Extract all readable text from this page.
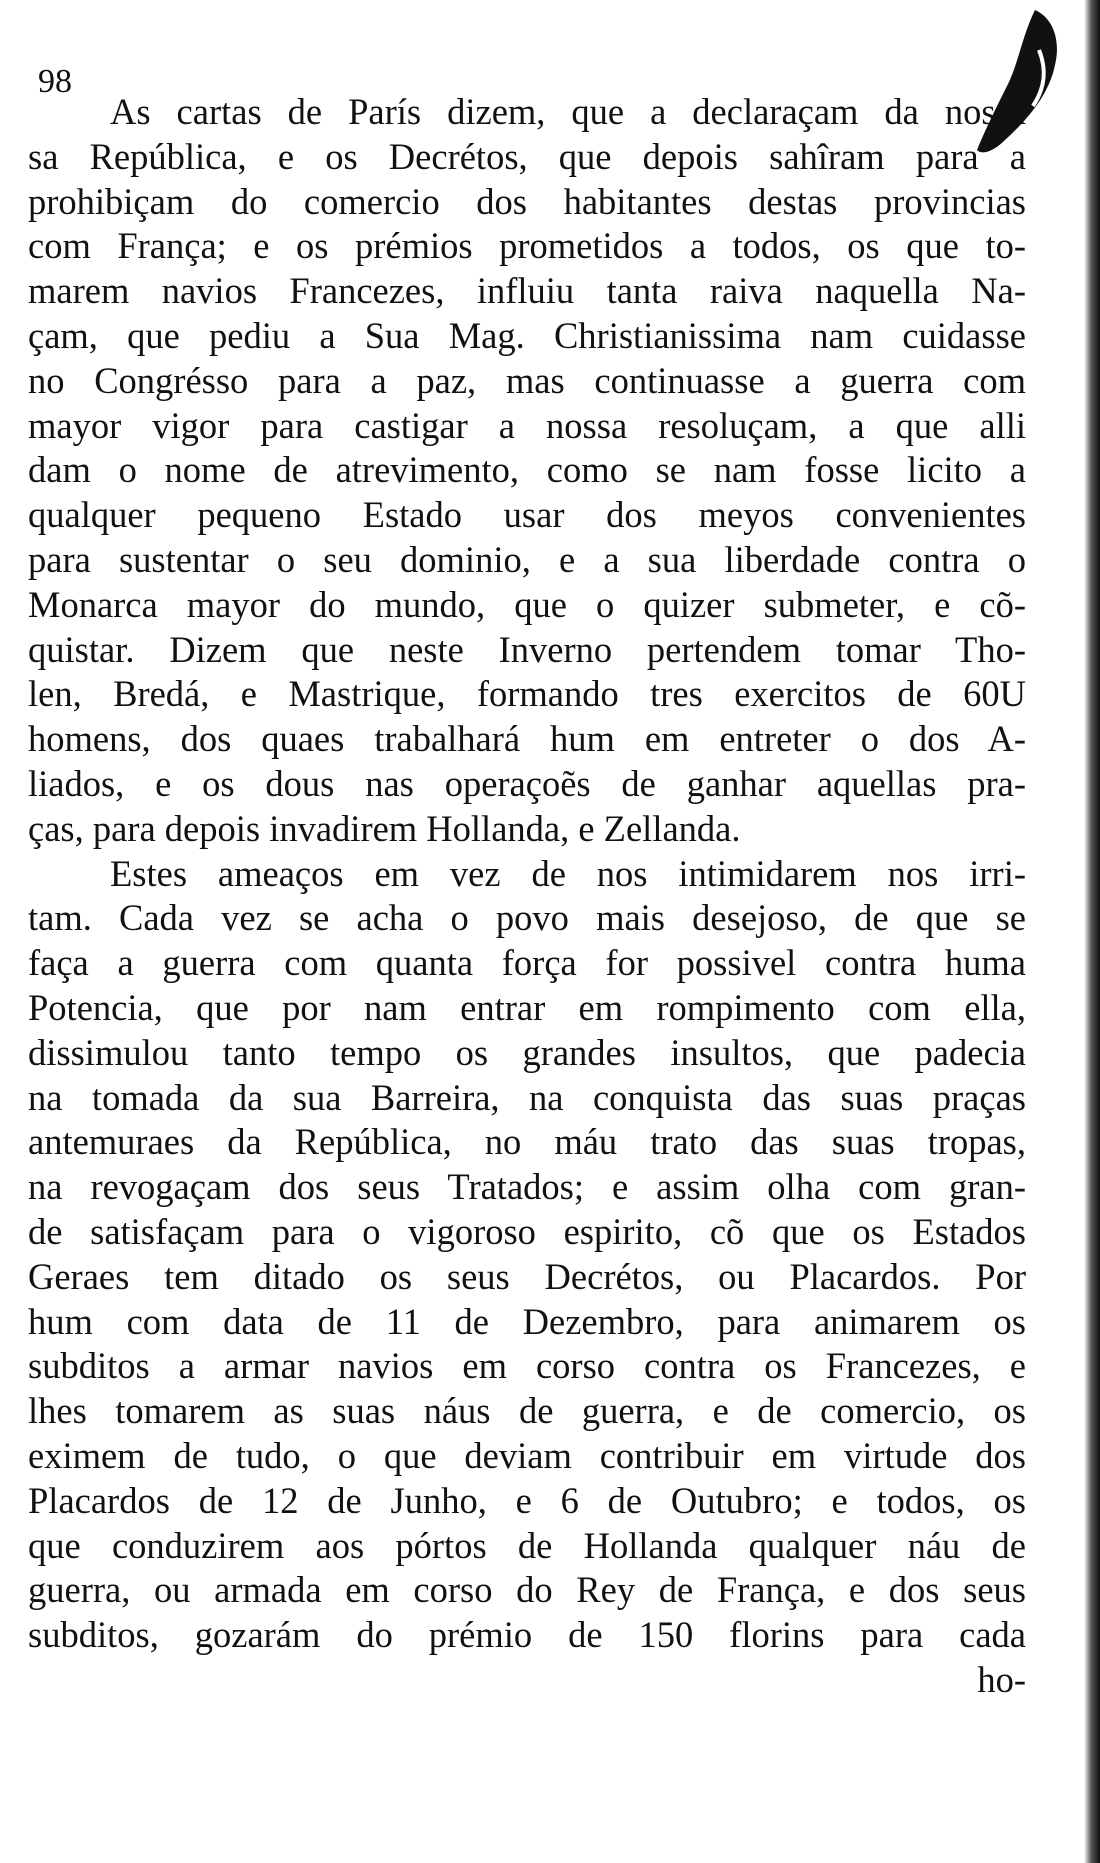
98
As cartas de París dizem, que a declaraçam da nossa
sa República, e os Decrétos, que depois sahîram para a
prohibiçam do comercio dos habitantes destas provincias
com França; e os prémios prometidos a todos, os que to-
marem navios Francezes, influiu tanta raiva naquella Na-
çam, que pediu a Sua Mag. Christianissima nam cuidasse
no Congrésso para a paz, mas continuasse a guerra com
mayor vigor para castigar a nossa resoluçam, a que alli
dam o nome de atrevimento, como se nam fosse licito a
qualquer pequeno Estado usar dos meyos convenientes
para sustentar o seu dominio, e a sua liberdade contra o
Monarca mayor do mundo, que o quizer submeter, e cõ-
quistar. Dizem que neste Inverno pertendem tomar Tho-
len, Bredá, e Mastrique, formando tres exercitos de 60U
homens, dos quaes trabalhará hum em entreter o dos A-
liados, e os dous nas operaçoẽs de ganhar aquellas pra-
ças, para depois invadirem Hollanda, e Zellanda.
Estes ameaços em vez de nos intimidarem nos irri-
tam. Cada vez se acha o povo mais desejoso, de que se
faça a guerra com quanta força for possivel contra huma
Potencia, que por nam entrar em rompimento com ella,
dissimulou tanto tempo os grandes insultos, que padecia
na tomada da sua Barreira, na conquista das suas praças
antemuraes da República, no máu trato das suas tropas,
na revogaçam dos seus Tratados; e assim olha com gran-
de satisfaçam para o vigoroso espirito, cõ que os Estados
Geraes tem ditado os seus Decrétos, ou Placardos. Por
hum com data de 11 de Dezembro, para animarem os
subditos a armar navios em corso contra os Francezes, e
lhes tomarem as suas náus de guerra, e de comercio, os
eximem de tudo, o que deviam contribuir em virtude dos
Placardos de 12 de Junho, e 6 de Outubro; e todos, os
que conduzirem aos pórtos de Hollanda qualquer náu de
guerra, ou armada em corso do Rey de França, e dos seus
subditos, gozarám do prémio de 150 florins para cada
ho-
